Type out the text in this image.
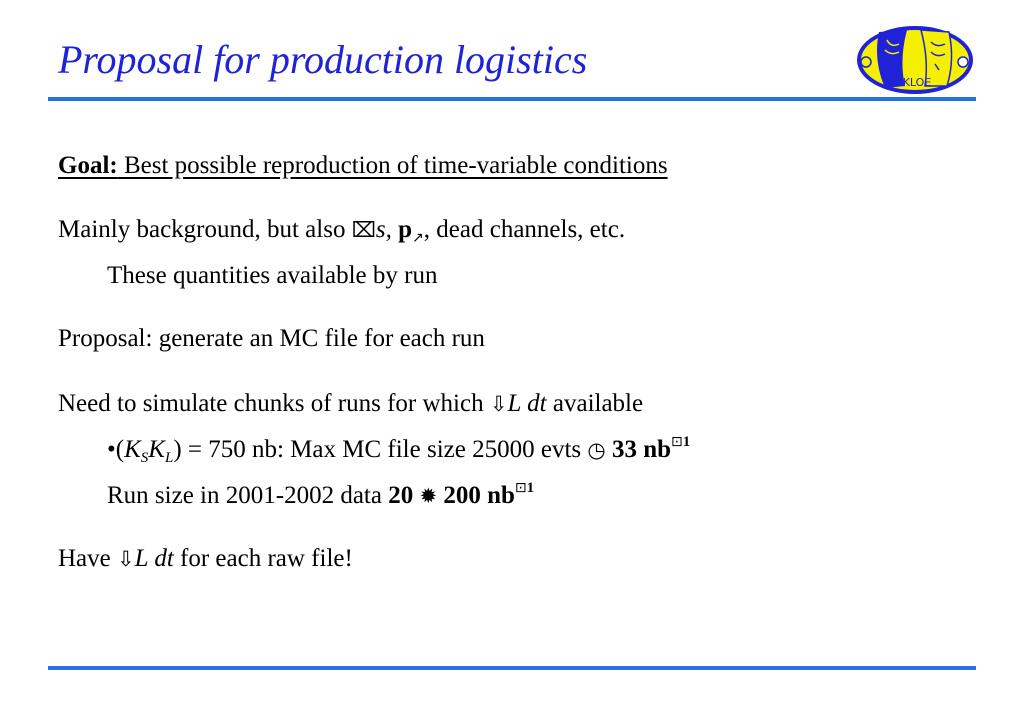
Proposal for production logistics
KLOE
Goal: Best possible reproduction of time-variable conditions
Mainly background, but also ⌧s, $p_↗$, dead channels, etc.
These quantities available by run
Proposal: generate an MC file for each run
Need to simulate chunks of runs for which ⇩L dt available
$•(K_SK_L) = 750$ nb: Max MC file size 25000 evts ◷ 33 $nb^{⊡1}$
Run size in 2001-2002 data 20 ✹ 200 $nb^{⊡1}$
Have ⇩L dt for each raw file!
